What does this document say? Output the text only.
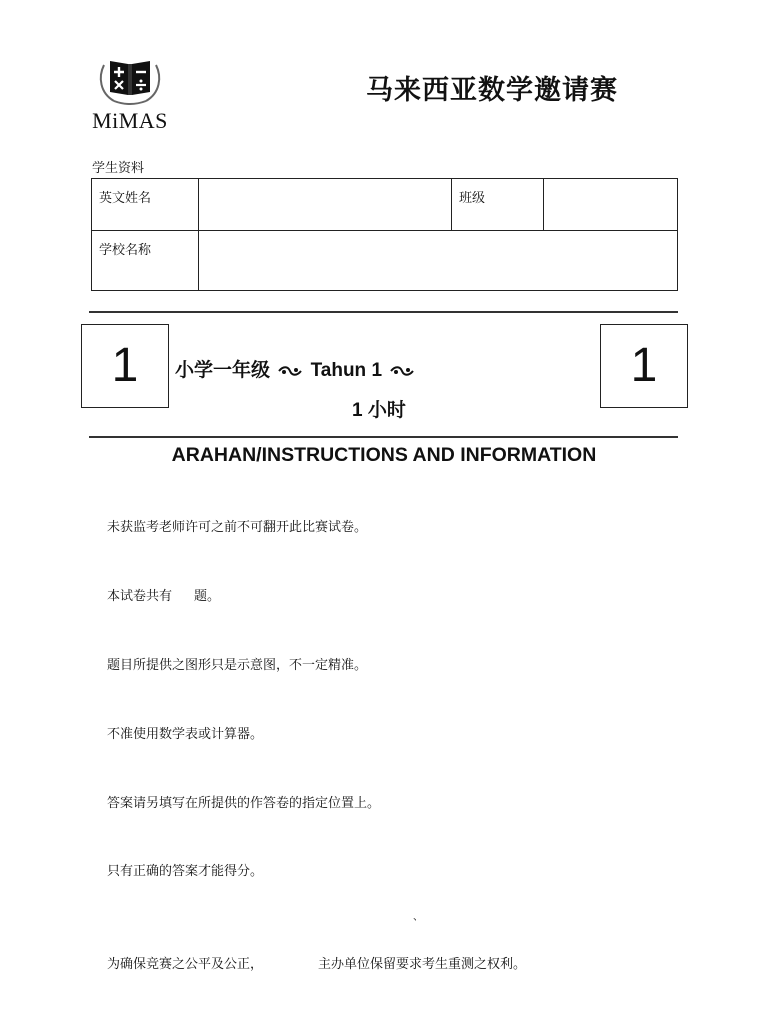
MiMAS
马来西亚数学邀请赛
学生资料
英文姓名		班级	
学校名称			
1	1
小学一年级 Tahun 1
1 小时
ARAHAN/INSTRUCTIONS AND INFORMATION
未获监考老师许可之前不可翻开此比赛试卷。
本试卷共有 题。
题目所提供之图形只是示意图，不一定精准。
不准使用数学表或计算器。
答案请另填写在所提供的作答卷的指定位置上。
只有正确的答案才能得分。
、
为确保竞赛之公平及公正，	主办单位保留要求考生重测之权利。
